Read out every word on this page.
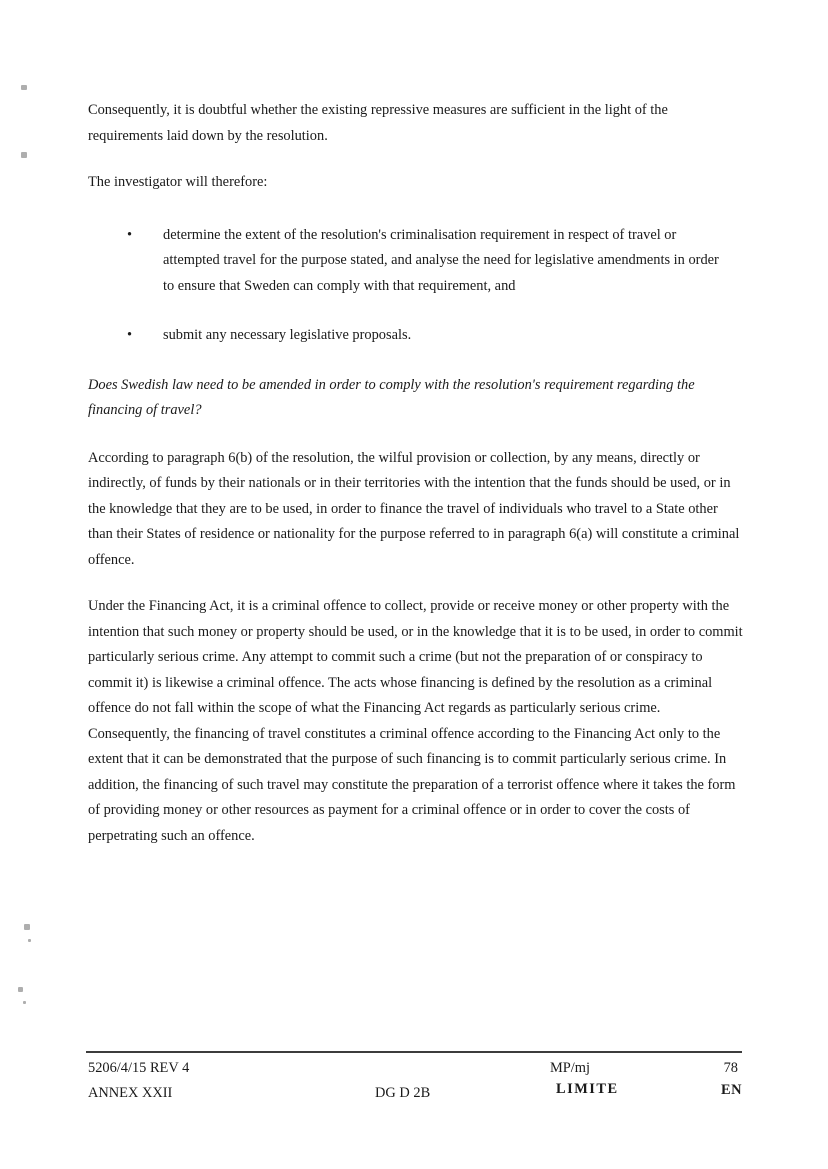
Consequently, it is doubtful whether the existing repressive measures are sufficient in the light of the requirements laid down by the resolution.

The investigator will therefore:

•	determine the extent of the resolution's criminalisation requirement in respect of travel or attempted travel for the purpose stated, and analyse the need for legislative amendments in order to ensure that Sweden can comply with that requirement, and
•	submit any necessary legislative proposals.

Does Swedish law need to be amended in order to comply with the resolution's requirement regarding the financing of travel?

According to paragraph 6(b) of the resolution, the wilful provision or collection, by any means, directly or indirectly, of funds by their nationals or in their territories with the intention that the funds should be used, or in the knowledge that they are to be used, in order to finance the travel of individuals who travel to a State other than their States of residence or nationality for the purpose referred to in paragraph 6(a) will constitute a criminal offence.

Under the Financing Act, it is a criminal offence to collect, provide or receive money or other property with the intention that such money or property should be used, or in the knowledge that it is to be used, in order to commit particularly serious crime. Any attempt to commit such a crime (but not the preparation of or conspiracy to commit it) is likewise a criminal offence. The acts whose financing is defined by the resolution as a criminal offence do not fall within the scope of what the Financing Act regards as particularly serious crime. Consequently, the financing of travel constitutes a criminal offence according to the Financing Act only to the extent that it can be demonstrated that the purpose of such financing is to commit particularly serious crime. In addition, the financing of such travel may constitute the preparation of a terrorist offence where it takes the form of providing money or other resources as payment for a criminal offence or in order to cover the costs of perpetrating such an offence.

5206/4/15 REV 4	MP/mj	78
ANNEX XXII	DG D 2B	LIMITE	EN
